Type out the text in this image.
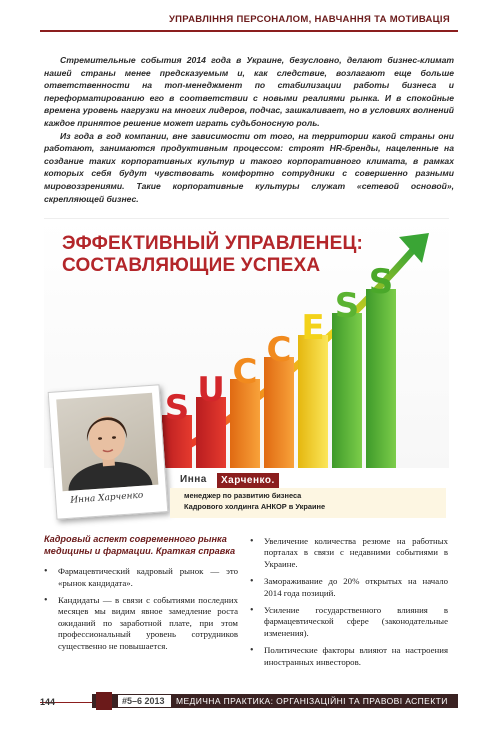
УПРАВЛІННЯ ПЕРСОНАЛОМ, НАВЧАННЯ ТА МОТИВАЦІЯ

Стремительные события 2014 года в Украине, безусловно, делают бизнес-климат нашей страны менее предсказуемым и, как следствие, возлагают еще больше ответственности на топ-менеджмент по стабилизации работы бизнеса и переформатированию его в соответствии с новыми реалиями рынка. И в спокойные времена уровень нагрузки на многих лидеров, подчас, зашкаливает, но в условиях волнений каждое принятое решение может играть судьбоносную роль.

Из года в год компании, вне зависимости от того, на территории какой страны они работают, занимаются продуктивным процессом: строят HR-бренды, нацеленные на создание таких корпоративных культур и такого корпоративного климата, в рамках которых себя будут чувствовать комфортно сотрудники с совершенно разными мировоззрениями. Такие корпоративные культуры служат «сетевой основой», скрепляющей бизнес.

ЭФФЕКТИВНЫЙ УПРАВЛЕНЕЦ:
СОСТАВЛЯЮЩИЕ УСПЕХА
S U C
C
E
S
S
Инна Харченко
Инна	Харченко.
менеджер по развитию бизнеса
Кадрового холдинга АНКОР в Украине
Кадровый аспект современного рынка медицины и фармации. Краткая справка
• Фармацевтический кадровый рынок — это «рынок кандидата».
• Кандидаты — в связи с событиями последних месяцев мы видим явное замедление роста ожиданий по заработной плате, при этом профессиональный уровень сотрудников существенно не повышается.
• Увеличение количества резюме на работных порталах в связи с недавними событиями в Украине.
• Замораживание до 20% открытых на начало 2014 года позиций.
• Усиление государственного влияния в фармацевтической сфере (законодательные изменения).
• Политические факторы влияют на настроения иностранных инвесторов.
144	#5–6 2013	МЕДИЧНА ПРАКТИКА: ОРГАНІЗАЦІЙНІ ТА ПРАВОВІ АСПЕКТИ
